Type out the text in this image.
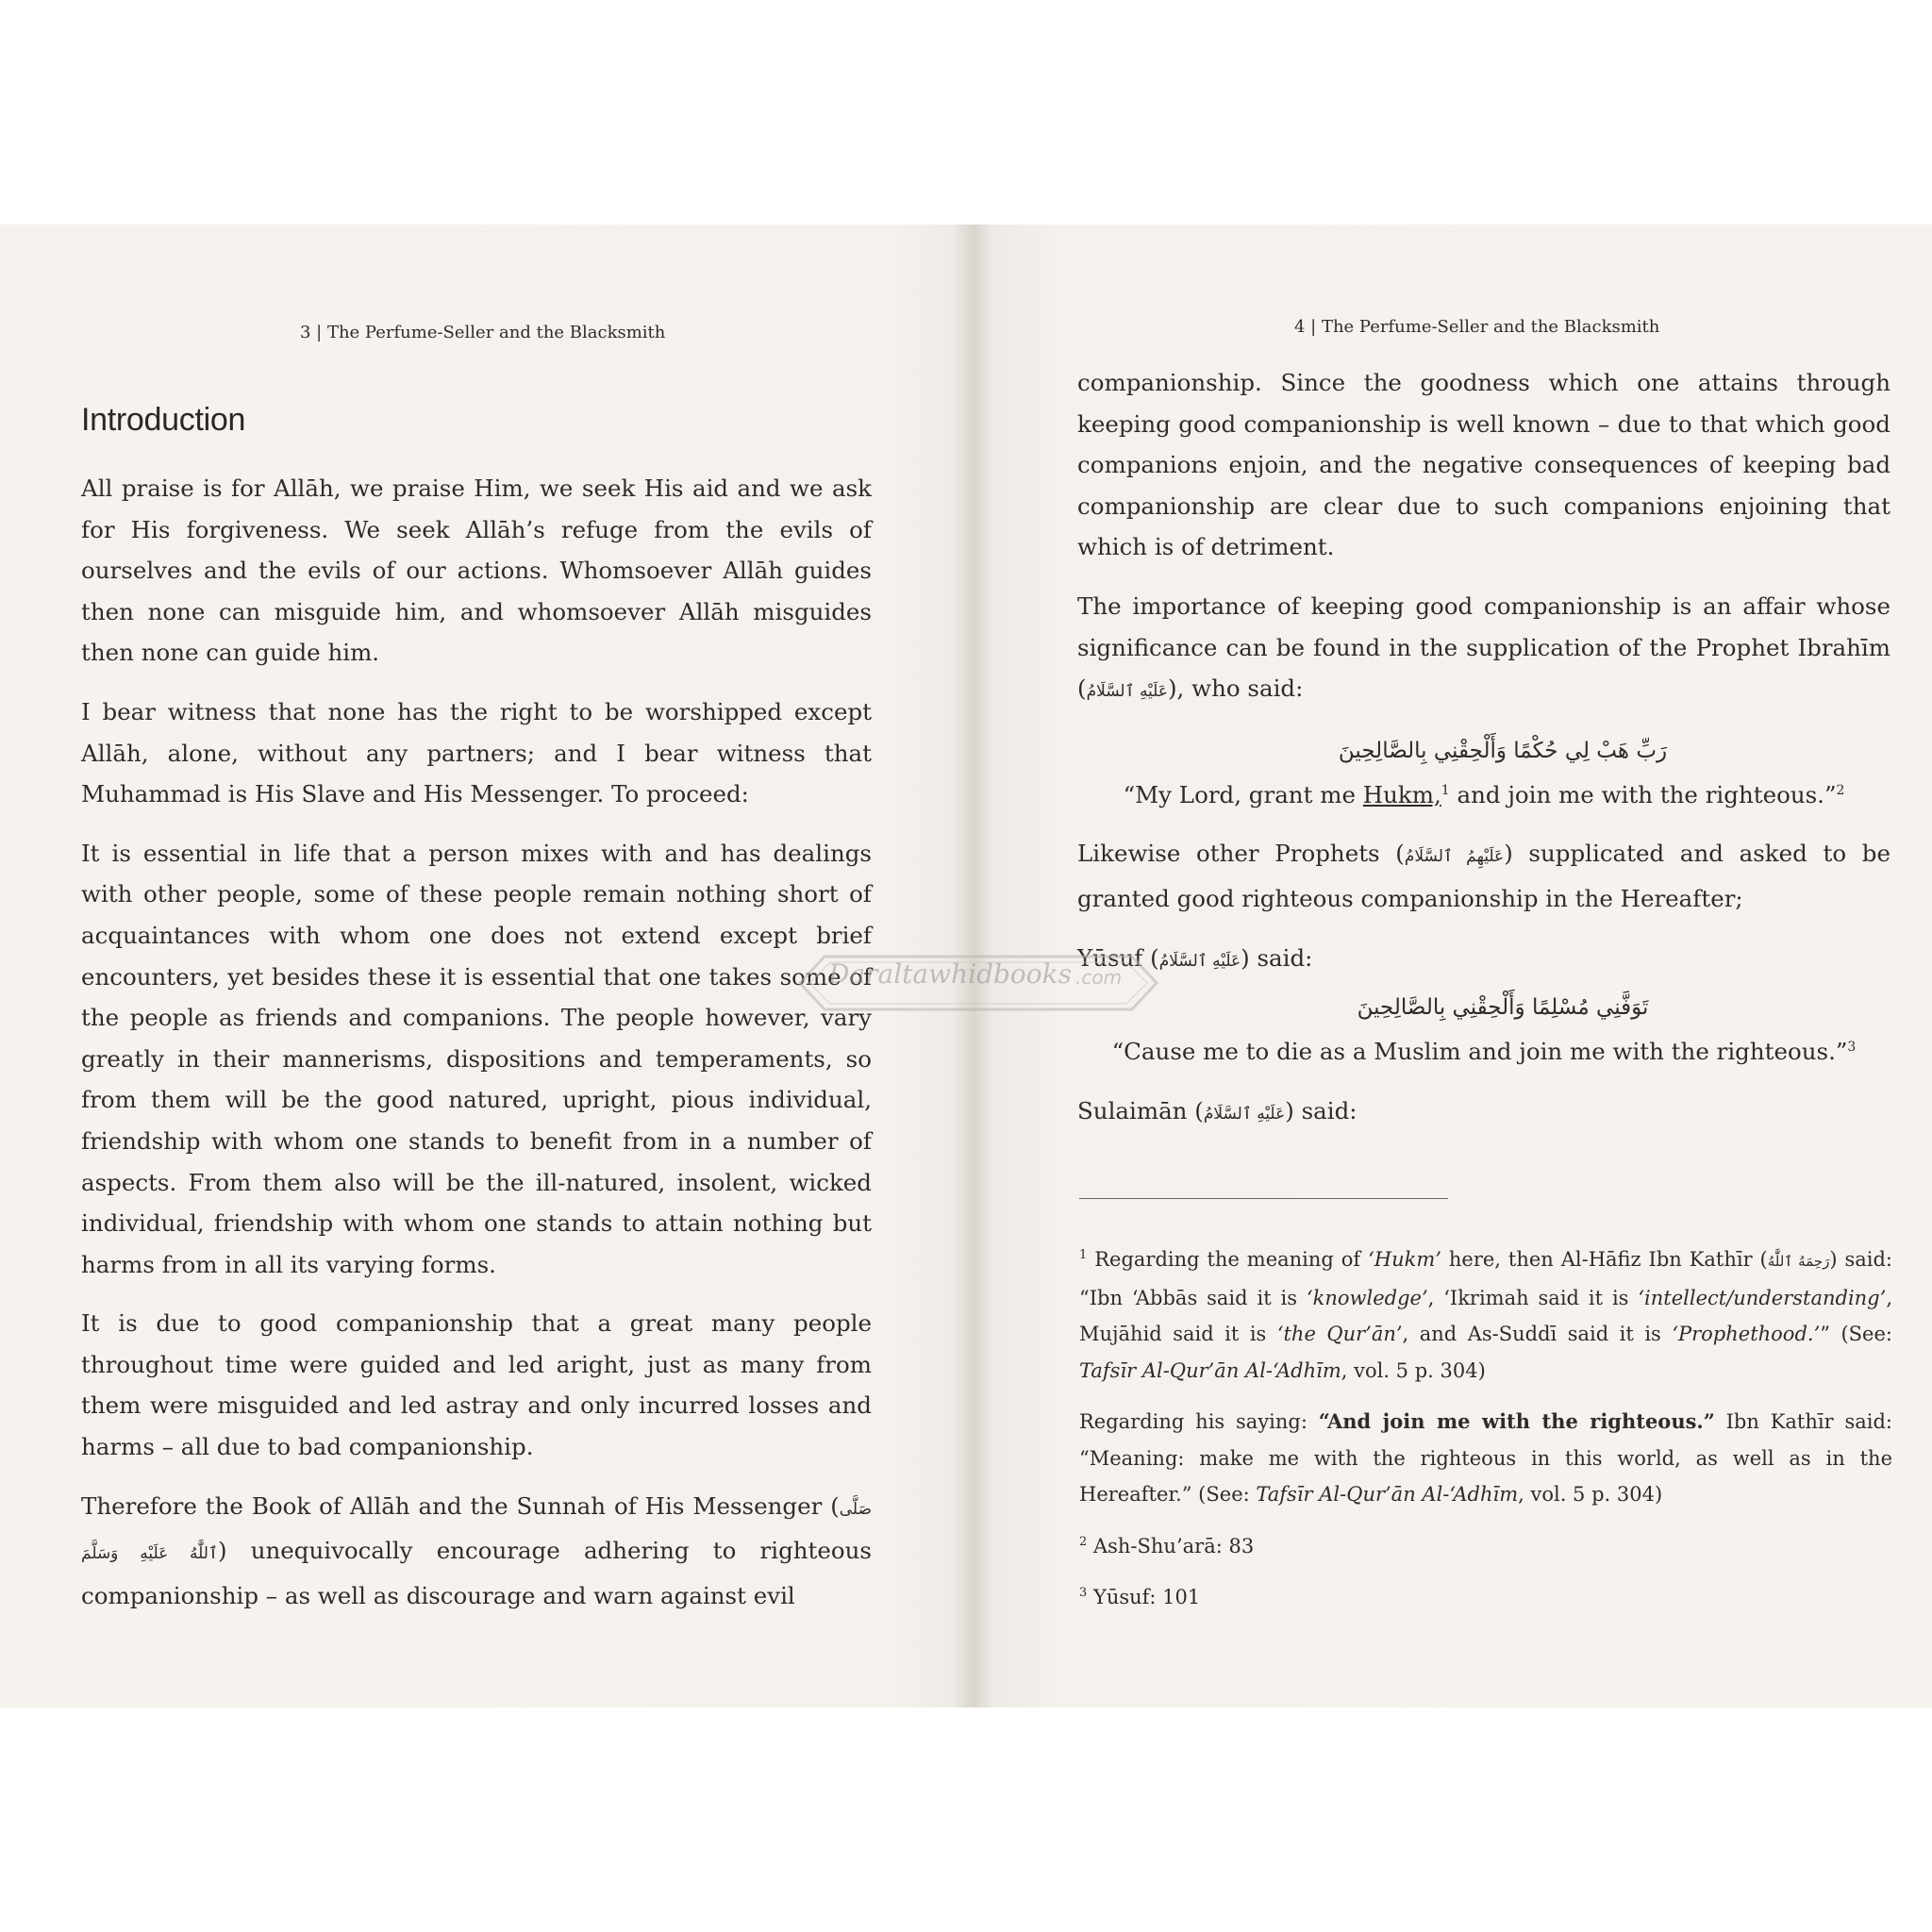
3 | The Perfume-Seller and the Blacksmith
Introduction

All praise is for Allāh, we praise Him, we seek His aid and we ask for His forgiveness. We seek Allāh’s refuge from the evils of ourselves and the evils of our actions. Whomsoever Allāh guides then none can misguide him, and whomsoever Allāh misguides then none can guide him.

I bear witness that none has the right to be worshipped except Allāh, alone, without any partners; and I bear witness that Muhammad is His Slave and His Messenger. To proceed:

It is essential in life that a person mixes with and has dealings with other people, some of these people remain nothing short of acquaintances with whom one does not extend except brief encounters, yet besides these it is essential that one takes some of the people as friends and companions. The people however, vary greatly in their mannerisms, dispositions and temperaments, so from them will be the good natured, upright, pious individual, friendship with whom one stands to benefit from in a number of aspects. From them also will be the ill-natured, insolent, wicked individual, friendship with whom one stands to attain nothing but harms from in all its varying forms.

It is due to good companionship that a great many people throughout time were guided and led aright, just as many from them were misguided and led astray and only incurred losses and harms – all due to bad companionship.

Therefore the Book of Allāh and the Sunnah of His Messenger (صَلَّى ٱللَّٰهُ عَلَيْهِ وَسَلَّمَ) unequivocally encourage adhering to righteous companionship – as well as discourage and warn against evil

4 | The Perfume-Seller and the Blacksmith

companionship. Since the goodness which one attains through keeping good companionship is well known – due to that which good companions enjoin, and the negative consequences of keeping bad companionship are clear due to such companions enjoining that which is of detriment.

The importance of keeping good companionship is an affair whose significance can be found in the supplication of the Prophet Ibrahīm (عَلَيْهِ ٱلسَّلَامُ), who said:

رَبِّ هَبْ لِي حُكْمًا وَأَلْحِقْنِي بِالصَّالِحِينَ

“My Lord, grant me Hukm,$^1$ and join me with the righteous.”$^2$

Likewise other Prophets (عَلَيْهِمُ ٱلسَّلَامُ) supplicated and asked to be granted good righteous companionship in the Hereafter;

Yūsuf (عَلَيْهِ ٱلسَّلَامُ) said:

تَوَفَّنِي مُسْلِمًا وَأَلْحِقْنِي بِالصَّالِحِينَ

“Cause me to die as a Muslim and join me with the righteous.”$^3$

Sulaimān (عَلَيْهِ ٱلسَّلَامُ) said:

$^1$ Regarding the meaning of ‘Hukm’ here, then Al-Hāfiz Ibn Kathīr (رَحِمَهُ ٱللَّٰهُ) said: “Ibn ‘Abbās said it is ‘knowledge’, ‘Ikrimah said it is ‘intellect/understanding’, Mujāhid said it is ‘the Qur’ān’, and As-Suddī said it is ‘Prophethood.’” (See: Tafsīr Al-Qur’ān Al-‘Adhīm, vol. 5 p. 304)

Regarding his saying: “And join me with the righteous.” Ibn Kathīr said: “Meaning: make me with the righteous in this world, as well as in the Hereafter.” (See: Tafsīr Al-Qur’ān Al-‘Adhīm, vol. 5 p. 304)

$^2$ Ash-Shu’arā: 83

$^3$ Yūsuf: 101

Daraltawhidbooks .com
